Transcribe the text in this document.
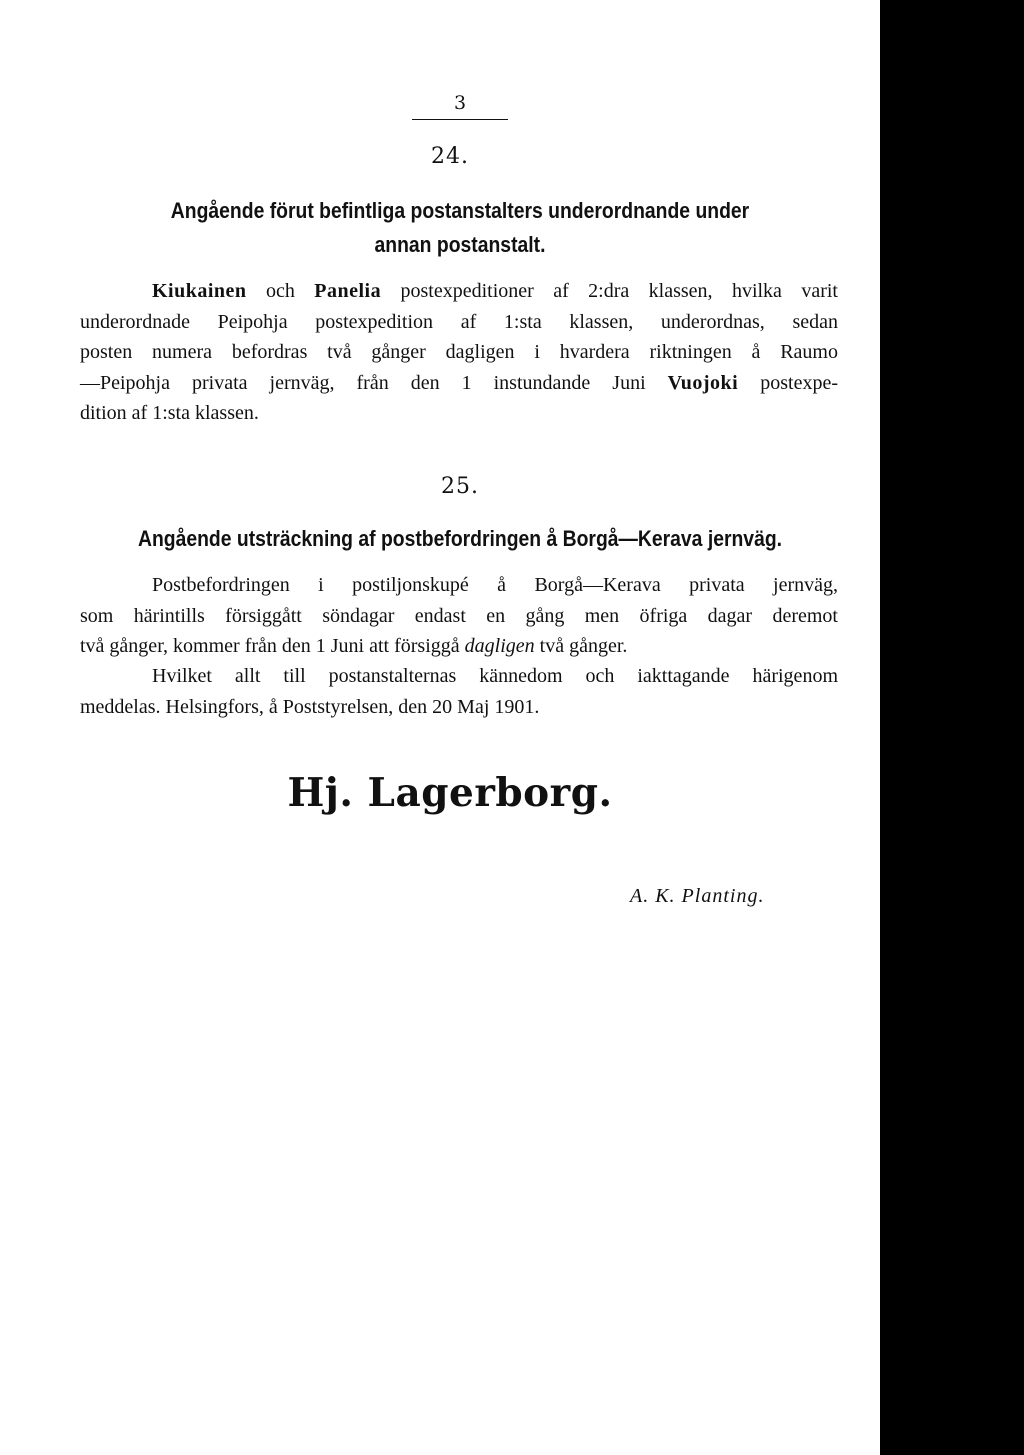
3
24.
Angående förut befintliga postanstalters underordnande under
annan postanstalt.
Kiukainen och Panelia postexpeditioner af 2:dra klassen, hvilka varit
underordnade Peipohja postexpedition af 1:sta klassen, underordnas, sedan
posten numera befordras två gånger dagligen i hvardera riktningen å Raumo
—Peipohja privata jernväg, från den 1 instundande Juni Vuojoki postexpe-
dition af 1:sta klassen.
25.
Angående utsträckning af postbefordringen å Borgå—Kerava jernväg.
Postbefordringen i postiljonskupé å Borgå—Kerava privata jernväg,
som härintills försiggått söndagar endast en gång men öfriga dagar deremot
två gånger, kommer från den 1 Juni att försiggå dagligen två gånger.
Hvilket allt till postanstalternas kännedom och iakttagande härigenom
meddelas. Helsingfors, å Poststyrelsen, den 20 Maj 1901.
Hj. Lagerborg.
A. K. Planting.
